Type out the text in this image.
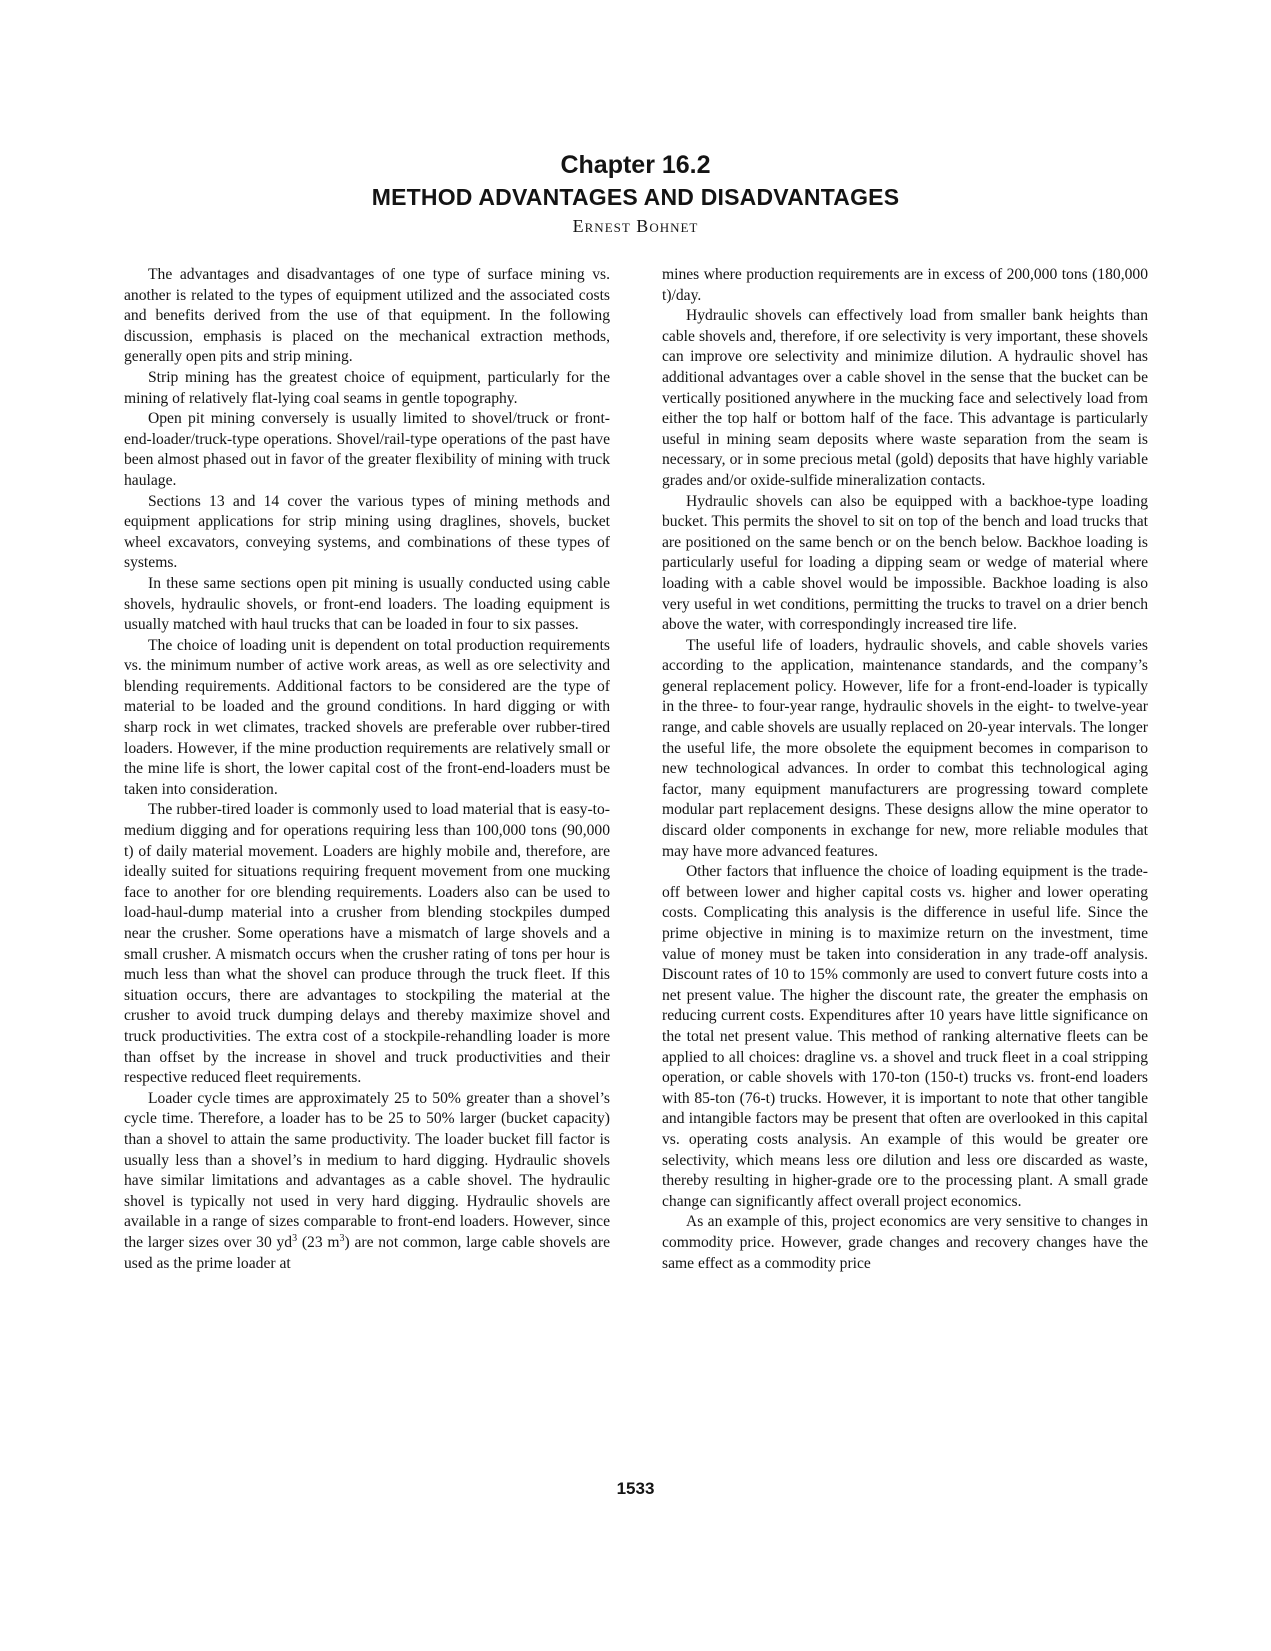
Chapter 16.2
METHOD ADVANTAGES AND DISADVANTAGES
Ernest Bohnet

The advantages and disadvantages of one type of surface mining vs. another is related to the types of equipment utilized and the associated costs and benefits derived from the use of that equipment. In the following discussion, emphasis is placed on the mechanical extraction methods, generally open pits and strip mining.

Strip mining has the greatest choice of equipment, particularly for the mining of relatively flat-lying coal seams in gentle topography.

Open pit mining conversely is usually limited to shovel/truck or front-end-loader/truck-type operations. Shovel/rail-type operations of the past have been almost phased out in favor of the greater flexibility of mining with truck haulage.

Sections 13 and 14 cover the various types of mining methods and equipment applications for strip mining using draglines, shovels, bucket wheel excavators, conveying systems, and combinations of these types of systems.

In these same sections open pit mining is usually conducted using cable shovels, hydraulic shovels, or front-end loaders. The loading equipment is usually matched with haul trucks that can be loaded in four to six passes.

The choice of loading unit is dependent on total production requirements vs. the minimum number of active work areas, as well as ore selectivity and blending requirements. Additional factors to be considered are the type of material to be loaded and the ground conditions. In hard digging or with sharp rock in wet climates, tracked shovels are preferable over rubber-tired loaders. However, if the mine production requirements are relatively small or the mine life is short, the lower capital cost of the front-end-loaders must be taken into consideration.

The rubber-tired loader is commonly used to load material that is easy-to-medium digging and for operations requiring less than 100,000 tons (90,000 t) of daily material movement. Loaders are highly mobile and, therefore, are ideally suited for situations requiring frequent movement from one mucking face to another for ore blending requirements. Loaders also can be used to load-haul-dump material into a crusher from blending stockpiles dumped near the crusher. Some operations have a mismatch of large shovels and a small crusher. A mismatch occurs when the crusher rating of tons per hour is much less than what the shovel can produce through the truck fleet. If this situation occurs, there are advantages to stockpiling the material at the crusher to avoid truck dumping delays and thereby maximize shovel and truck productivities. The extra cost of a stockpile-rehandling loader is more than offset by the increase in shovel and truck productivities and their respective reduced fleet requirements.

Loader cycle times are approximately 25 to 50% greater than a shovel’s cycle time. Therefore, a loader has to be 25 to 50% larger (bucket capacity) than a shovel to attain the same productivity. The loader bucket fill factor is usually less than a shovel’s in medium to hard digging. Hydraulic shovels have similar limitations and advantages as a cable shovel. The hydraulic shovel is typically not used in very hard digging. Hydraulic shovels are available in a range of sizes comparable to front-end loaders. However, since the larger sizes over 30 $yd^3$ (23 $m^3$) are not common, large cable shovels are used as the prime loader at

mines where production requirements are in excess of 200,000 tons (180,000 t)/day.

Hydraulic shovels can effectively load from smaller bank heights than cable shovels and, therefore, if ore selectivity is very important, these shovels can improve ore selectivity and minimize dilution. A hydraulic shovel has additional advantages over a cable shovel in the sense that the bucket can be vertically positioned anywhere in the mucking face and selectively load from either the top half or bottom half of the face. This advantage is particularly useful in mining seam deposits where waste separation from the seam is necessary, or in some precious metal (gold) deposits that have highly variable grades and/or oxide-sulfide mineralization contacts.

Hydraulic shovels can also be equipped with a backhoe-type loading bucket. This permits the shovel to sit on top of the bench and load trucks that are positioned on the same bench or on the bench below. Backhoe loading is particularly useful for loading a dipping seam or wedge of material where loading with a cable shovel would be impossible. Backhoe loading is also very useful in wet conditions, permitting the trucks to travel on a drier bench above the water, with correspondingly increased tire life.

The useful life of loaders, hydraulic shovels, and cable shovels varies according to the application, maintenance standards, and the company’s general replacement policy. However, life for a front-end-loader is typically in the three- to four-year range, hydraulic shovels in the eight- to twelve-year range, and cable shovels are usually replaced on 20-year intervals. The longer the useful life, the more obsolete the equipment becomes in comparison to new technological advances. In order to combat this technological aging factor, many equipment manufacturers are progressing toward complete modular part replacement designs. These designs allow the mine operator to discard older components in exchange for new, more reliable modules that may have more advanced features.

Other factors that influence the choice of loading equipment is the trade-off between lower and higher capital costs vs. higher and lower operating costs. Complicating this analysis is the difference in useful life. Since the prime objective in mining is to maximize return on the investment, time value of money must be taken into consideration in any trade-off analysis. Discount rates of 10 to 15% commonly are used to convert future costs into a net present value. The higher the discount rate, the greater the emphasis on reducing current costs. Expenditures after 10 years have little significance on the total net present value. This method of ranking alternative fleets can be applied to all choices: dragline vs. a shovel and truck fleet in a coal stripping operation, or cable shovels with 170-ton (150-t) trucks vs. front-end loaders with 85-ton (76-t) trucks. However, it is important to note that other tangible and intangible factors may be present that often are overlooked in this capital vs. operating costs analysis. An example of this would be greater ore selectivity, which means less ore dilution and less ore discarded as waste, thereby resulting in higher-grade ore to the processing plant. A small grade change can significantly affect overall project economics.

As an example of this, project economics are very sensitive to changes in commodity price. However, grade changes and recovery changes have the same effect as a commodity price

1533
